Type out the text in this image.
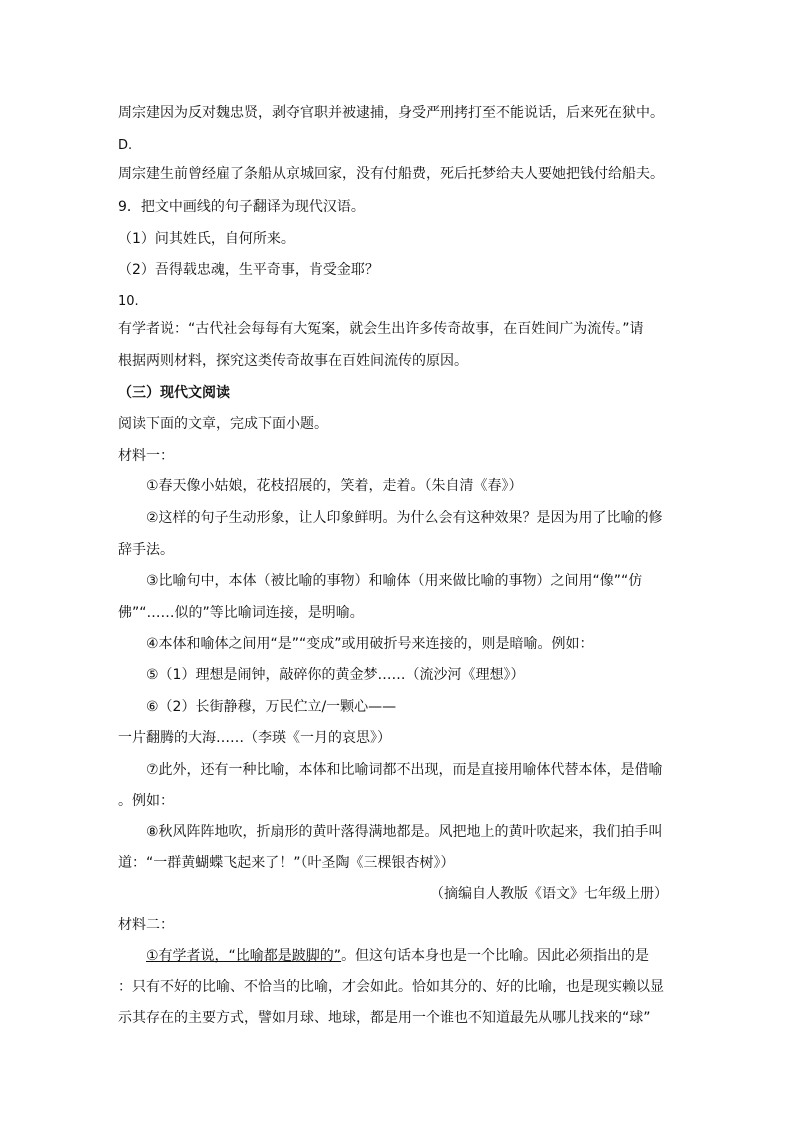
周宗建因为反对魏忠贤，剥夺官职并被逮捕，身受严刑拷打至不能说话，后来死在狱中。
D.
周宗建生前曾经雇了条船从京城回家，没有付船费，死后托梦给夫人要她把钱付给船夫。
9．把文中画线的句子翻译为现代汉语。
（1）问其姓氏，自何所来。
（2）吾得载忠魂，生平奇事，肯受金耶？
10.
有学者说：“古代社会每每有大冤案，就会生出许多传奇故事，在百姓间广为流传。”请
根据两则材料，探究这类传奇故事在百姓间流传的原因。
（三）现代文阅读
阅读下面的文章，完成下面小题。
材料一：
①春天像小姑娘，花枝招展的，笑着，走着。（朱自清《春》）
②这样的句子生动形象，让人印象鲜明。为什么会有这种效果？是因为用了比喻的修
辞手法。
③比喻句中，本体（被比喻的事物）和喻体（用来做比喻的事物）之间用“像”“仿
佛”“……似的”等比喻词连接，是明喻。
④本体和喻体之间用“是”“变成”或用破折号来连接的，则是暗喻。例如：
⑤（1）理想是闹钟，敲碎你的黄金梦……（流沙河《理想》）
⑥（2）长街静穆，万民伫立/一颗心——
一片翻腾的大海……（李瑛《一月的哀思》）
⑦此外，还有一种比喻，本体和比喻词都不出现，而是直接用喻体代替本体，是借喻
。例如：
⑧秋风阵阵地吹，折扇形的黄叶落得满地都是。风把地上的黄叶吹起来，我们拍手叫
道：“一群黄蝴蝶飞起来了！”（叶圣陶《三棵银杏树》）
（摘编自人教版《语文》七年级上册）
材料二：
①有学者说，“比喻都是跛脚的”。但这句话本身也是一个比喻。因此必须指出的是
：只有不好的比喻、不恰当的比喻，才会如此。恰如其分的、好的比喻，也是现实赖以显
示其存在的主要方式，譬如月球、地球，都是用一个谁也不知道最先从哪儿找来的“球”
